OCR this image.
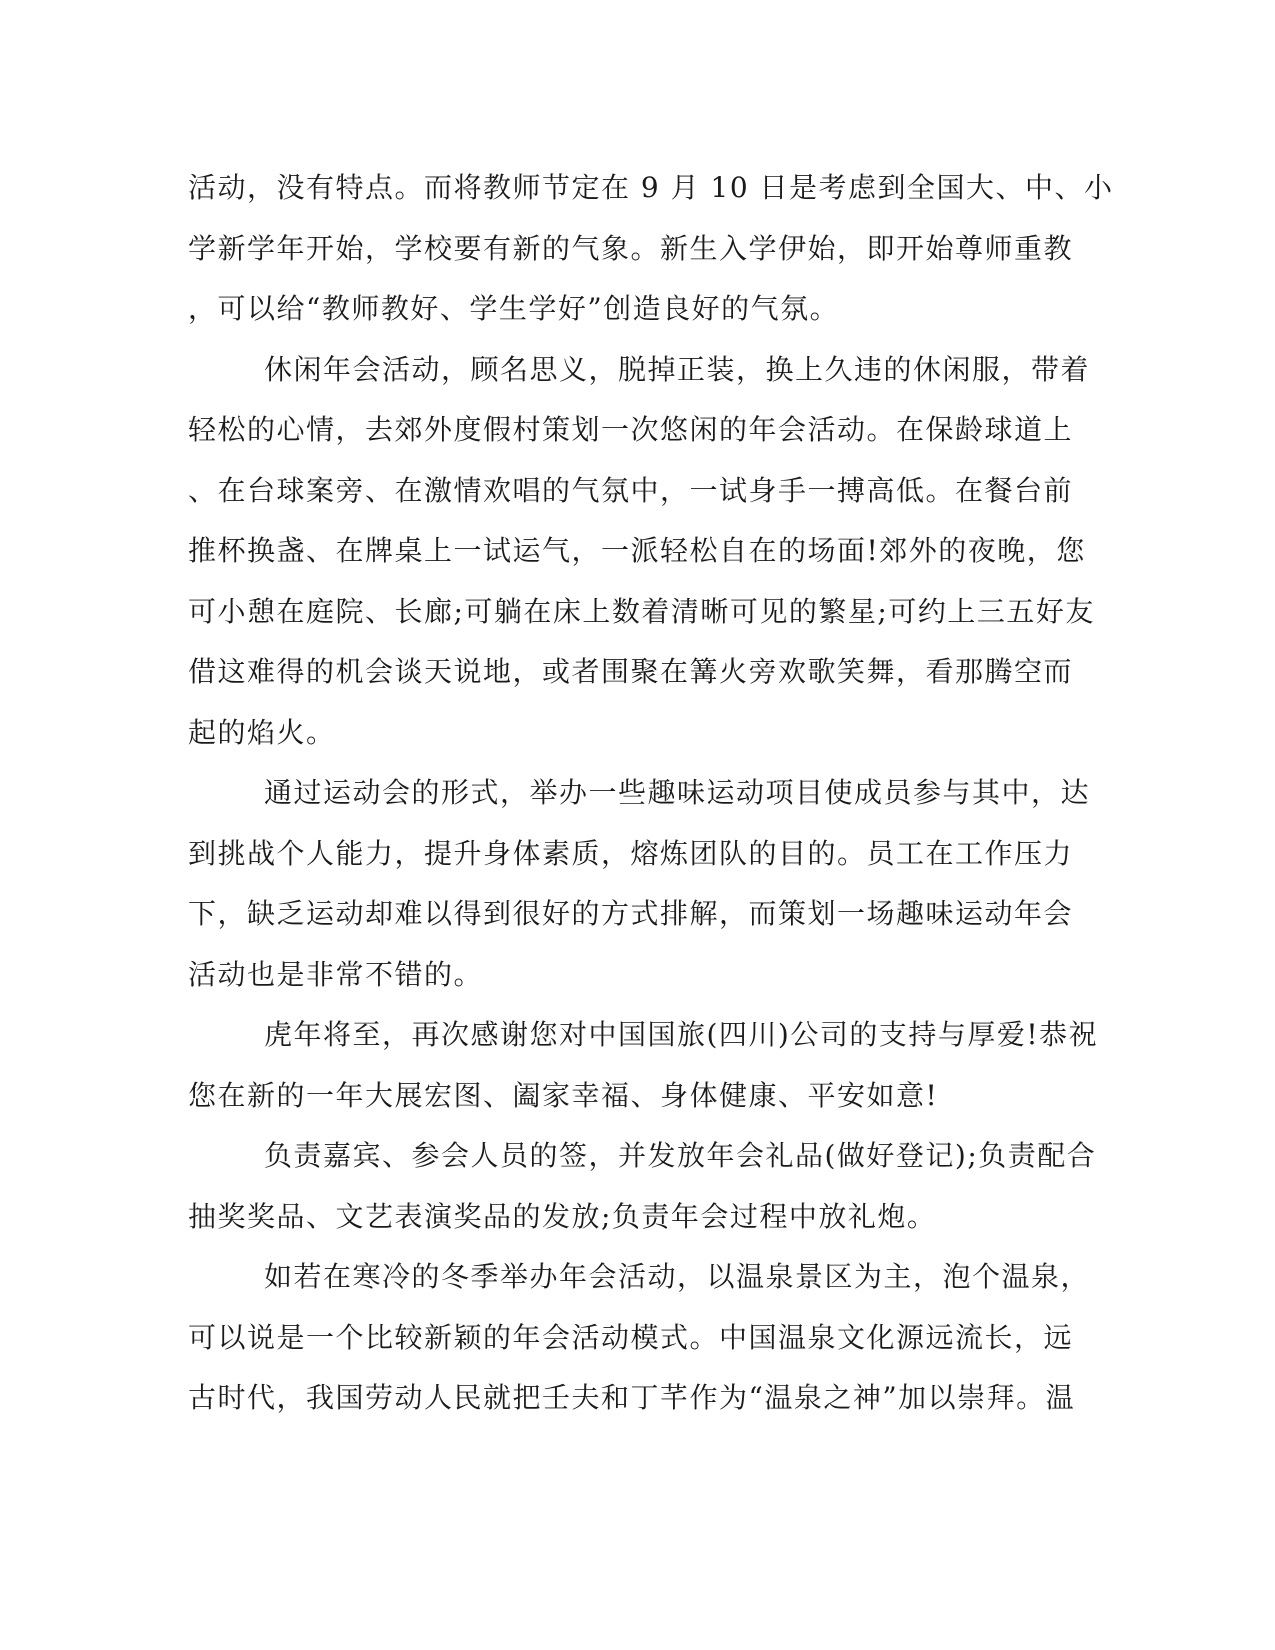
活动，没有特点。而将教师节定在 9 月 10 日是考虑到全国大、中、小
学新学年开始，学校要有新的气象。新生入学伊始，即开始尊师重教
，可以给“教师教好、学生学好”创造良好的气氛。
休闲年会活动，顾名思义，脱掉正装，换上久违的休闲服，带着
轻松的心情，去郊外度假村策划一次悠闲的年会活动。在保龄球道上
、在台球案旁、在激情欢唱的气氛中，一试身手一搏高低。在餐台前
推杯换盏、在牌桌上一试运气，一派轻松自在的场面!郊外的夜晚，您
可小憩在庭院、长廊;可躺在床上数着清晰可见的繁星;可约上三五好友
借这难得的机会谈天说地，或者围聚在篝火旁欢歌笑舞，看那腾空而
起的焰火。
通过运动会的形式，举办一些趣味运动项目使成员参与其中，达
到挑战个人能力，提升身体素质，熔炼团队的目的。员工在工作压力
下，缺乏运动却难以得到很好的方式排解，而策划一场趣味运动年会
活动也是非常不错的。
虎年将至，再次感谢您对中国国旅(四川)公司的支持与厚爱!恭祝
您在新的一年大展宏图、阖家幸福、身体健康、平安如意!
负责嘉宾、参会人员的签，并发放年会礼品(做好登记);负责配合
抽奖奖品、文艺表演奖品的发放;负责年会过程中放礼炮。
如若在寒冷的冬季举办年会活动，以温泉景区为主，泡个温泉，
可以说是一个比较新颖的年会活动模式。中国温泉文化源远流长，远
古时代，我国劳动人民就把壬夫和丁芊作为“温泉之神”加以崇拜。温
